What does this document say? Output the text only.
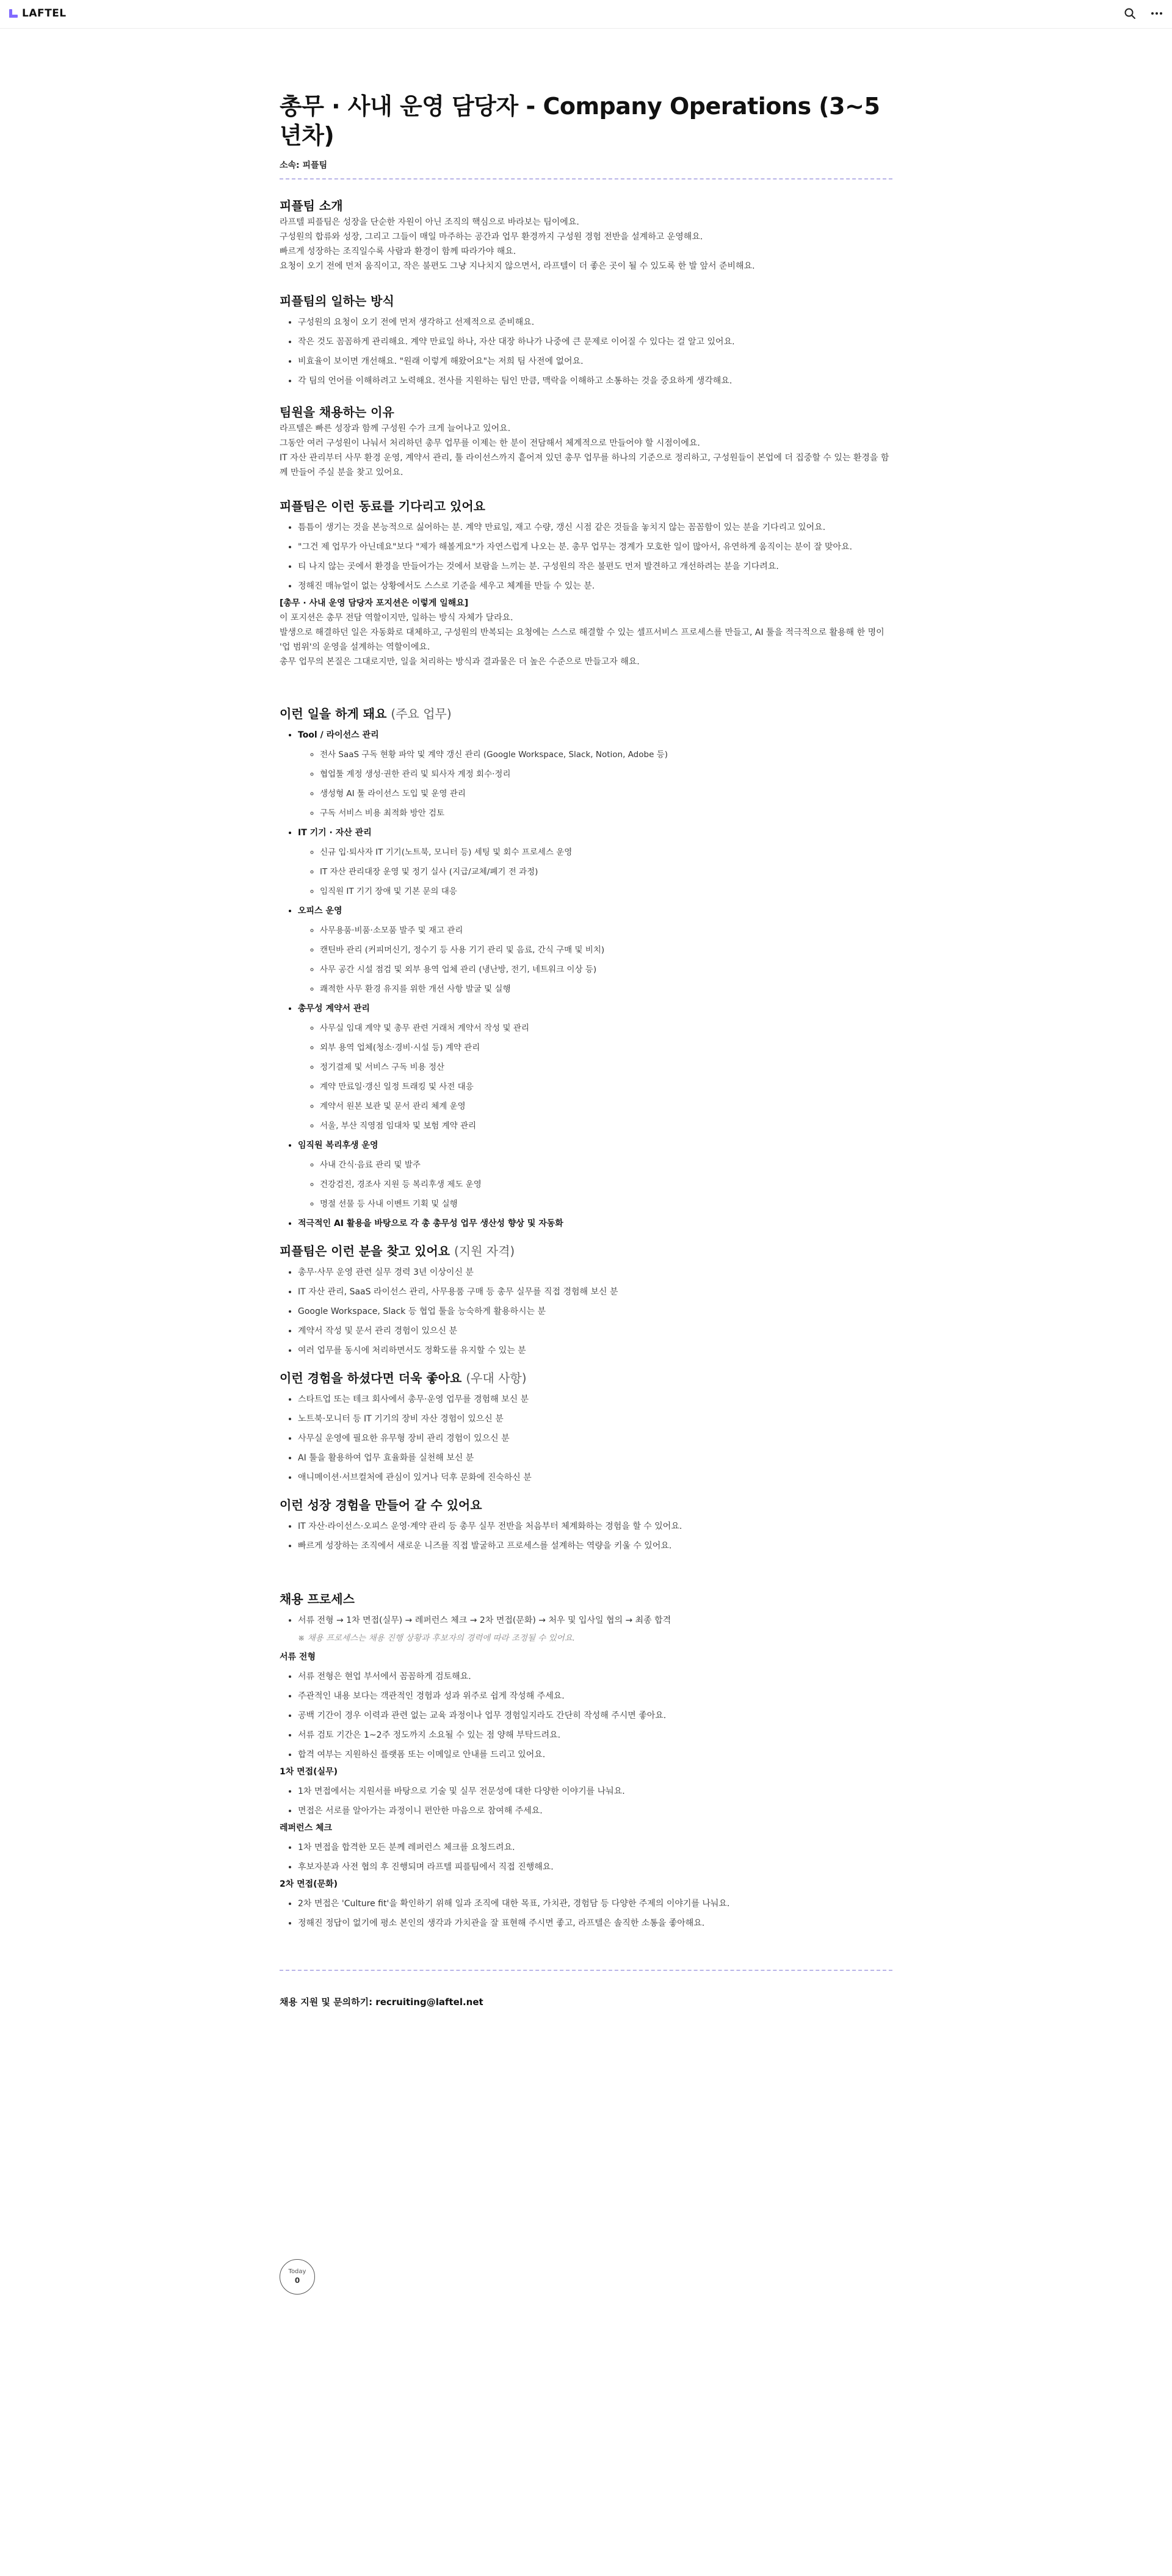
LAFTEL
총무 · 사내 운영 담당자 - Company Operations (3~5년차)
소속: 피플팀
피플팀 소개

라프텔 피플팀은 성장을 단순한 자원이 아닌 조직의 핵심으로 바라보는 팀이에요.

구성원의 합류와 성장, 그리고 그들이 매일 마주하는 공간과 업무 환경까지 구성원 경험 전반을 설계하고 운영해요.

빠르게 성장하는 조직일수록 사람과 환경이 함께 따라가야 해요.

요청이 오기 전에 먼저 움직이고, 작은 불편도 그냥 지나치지 않으면서, 라프텔이 더 좋은 곳이 될 수 있도록 한 발 앞서 준비해요.

피플팀의 일하는 방식
• 구성원의 요청이 오기 전에 먼저 생각하고 선제적으로 준비해요.
• 작은 것도 꼼꼼하게 관리해요. 계약 만료일 하나, 자산 대장 하나가 나중에 큰 문제로 이어질 수 있다는 걸 알고 있어요.
• 비효율이 보이면 개선해요. "원래 이렇게 해왔어요"는 저희 팀 사전에 없어요.
• 각 팀의 언어를 이해하려고 노력해요. 전사를 지원하는 팀인 만큼, 맥락을 이해하고 소통하는 것을 중요하게 생각해요.
팀원을 채용하는 이유

라프텔은 빠른 성장과 함께 구성원 수가 크게 늘어나고 있어요.

그동안 여러 구성원이 나눠서 처리하던 총무 업무를 이제는 한 분이 전담해서 체계적으로 만들어야 할 시점이에요.

IT 자산 관리부터 사무 환경 운영, 계약서 관리, 툴 라이선스까지 흩어져 있던 총무 업무를 하나의 기준으로 정리하고, 구성원들이 본업에 더 집중할 수 있는 환경을 함께 만들어 주실 분을 찾고 있어요.

피플팀은 이런 동료를 기다리고 있어요
• 틈틈이 생기는 것을 본능적으로 싫어하는 분. 계약 만료일, 재고 수량, 갱신 시점 같은 것들을 놓치지 않는 꼼꼼함이 있는 분을 기다리고 있어요.
• "그건 제 업무가 아닌데요"보다 "제가 해볼게요"가 자연스럽게 나오는 분. 총무 업무는 경계가 모호한 일이 많아서, 유연하게 움직이는 분이 잘 맞아요.
• 티 나지 않는 곳에서 환경을 만들어가는 것에서 보람을 느끼는 분. 구성원의 작은 불편도 먼저 발견하고 개선하려는 분을 기다려요.
• 정해진 매뉴얼이 없는 상황에서도 스스로 기준을 세우고 체계를 만들 수 있는 분.
[총무 · 사내 운영 담당자 포지션은 이렇게 일해요]

이 포지션은 총무 전담 역할이지만, 일하는 방식 자체가 달라요.

발생으로 해결하던 일은 자동화로 대체하고, 구성원의 반복되는 요청에는 스스로 해결할 수 있는 셀프서비스 프로세스를 만들고, AI 툴을 적극적으로 활용해 한 명이 '업 범위'의 운영을 설계하는 역할이에요.

총무 업무의 본질은 그대로지만, 일을 처리하는 방식과 결과물은 더 높은 수준으로 만들고자 해요.

이런 일을 하게 돼요 (주요 업무)
• Tool / 라이선스 관리
◦ 전사 SaaS 구독 현황 파악 및 계약 갱신 관리 (Google Workspace, Slack, Notion, Adobe 등)
◦ 협업툴 계정 생성·권한 관리 및 퇴사자 계정 회수·정리
◦ 생성형 AI 툴 라이선스 도입 및 운영 관리
◦ 구독 서비스 비용 최적화 방안 검토
• IT 기기 · 자산 관리
◦ 신규 입·퇴사자 IT 기기(노트북, 모니터 등) 세팅 및 회수 프로세스 운영
◦ IT 자산 관리대장 운영 및 정기 실사 (지급/교체/폐기 전 과정)
◦ 임직원 IT 기기 장애 및 기본 문의 대응
• 오피스 운영
◦ 사무용품·비품·소모품 발주 및 재고 관리
◦ 캔틴바 관리 (커피머신기, 정수기 등 사용 기기 관리 및 음료, 간식 구매 및 비치)
◦ 사무 공간 시설 점검 및 외부 용역 업체 관리 (냉난방, 전기, 네트워크 이상 등)
◦ 쾌적한 사무 환경 유지를 위한 개선 사항 발굴 및 실행
• 총무성 계약서 관리
◦ 사무실 임대 계약 및 총무 관련 거래처 계약서 작성 및 관리
◦ 외부 용역 업체(청소·경비·시설 등) 계약 관리
◦ 정기결제 및 서비스 구독 비용 정산
◦ 계약 만료일·갱신 일정 트래킹 및 사전 대응
◦ 계약서 원본 보관 및 문서 관리 체계 운영
◦ 서울, 부산 직영점 임대차 및 보험 계약 관리
• 임직원 복리후생 운영
◦ 사내 간식·음료 관리 및 발주
◦ 건강검진, 경조사 지원 등 복리후생 제도 운영
◦ 명절 선물 등 사내 이벤트 기획 및 실행
• 적극적인 AI 활용을 바탕으로 각 총 총무성 업무 생산성 향상 및 자동화
피플팀은 이런 분을 찾고 있어요 (지원 자격)
• 총무·사무 운영 관련 실무 경력 3년 이상이신 분
• IT 자산 관리, SaaS 라이선스 관리, 사무용품 구매 등 총무 실무를 직접 경험해 보신 분
• Google Workspace, Slack 등 협업 툴을 능숙하게 활용하시는 분
• 계약서 작성 및 문서 관리 경험이 있으신 분
• 여러 업무를 동시에 처리하면서도 정확도를 유지할 수 있는 분
이런 경험을 하셨다면 더욱 좋아요 (우대 사항)
• 스타트업 또는 테크 회사에서 총무·운영 업무를 경험해 보신 분
• 노트북·모니터 등 IT 기기의 장비 자산 경험이 있으신 분
• 사무실 운영에 필요한 유무형 장비 관리 경험이 있으신 분
• AI 툴을 활용하여 업무 효율화를 실천해 보신 분
• 애니메이션·서브컬처에 관심이 있거나 덕후 문화에 진숙하신 분
이런 성장 경험을 만들어 갈 수 있어요
• IT 자산·라이선스·오피스 운영·계약 관리 등 총무 실무 전반을 처음부터 체계화하는 경험을 할 수 있어요.
• 빠르게 성장하는 조직에서 새로운 니즈를 직접 발굴하고 프로세스를 설계하는 역량을 키울 수 있어요.
채용 프로세스
• 서류 전형 → 1차 면접(실무) → 레퍼런스 체크 → 2차 면접(문화) → 처우 및 입사일 협의 → 최종 합격
※ 채용 프로세스는 채용 진행 상황과 후보자의 경력에 따라 조정될 수 있어요.
서류 전형
• 서류 전형은 현업 부서에서 꼼꼼하게 검토해요.
• 주관적인 내용 보다는 객관적인 경험과 성과 위주로 쉽게 작성해 주세요.
• 공백 기간이 경우 이력과 관련 없는 교육 과정이나 업무 경험일지라도 간단히 작성해 주시면 좋아요.
• 서류 검토 기간은 1~2주 정도까지 소요될 수 있는 점 양해 부탁드려요.
• 합격 여부는 지원하신 플랫폼 또는 이메일로 안내를 드리고 있어요.
1차 면접(실무)
• 1차 면접에서는 지원서를 바탕으로 기술 및 실무 전문성에 대한 다양한 이야기를 나눠요.
• 면접은 서로를 알아가는 과정이니 편안한 마음으로 참여해 주세요.
레퍼런스 체크
• 1차 면접을 합격한 모든 분께 레퍼런스 체크를 요청드려요.
• 후보자분과 사전 협의 후 진행되며 라프텔 피플팀에서 직접 진행해요.
2차 면접(문화)
• 2차 면접은 'Culture fit'을 확인하기 위해 일과 조직에 대한 목표, 가치관, 경험담 등 다양한 주제의 이야기를 나눠요.
• 정해진 정답이 없기에 평소 본인의 생각과 가치관을 잘 표현해 주시면 좋고, 라프텔은 솔직한 소통을 좋아해요.
채용 지원 및 문의하기: recruiting@laftel.net
Today
0
